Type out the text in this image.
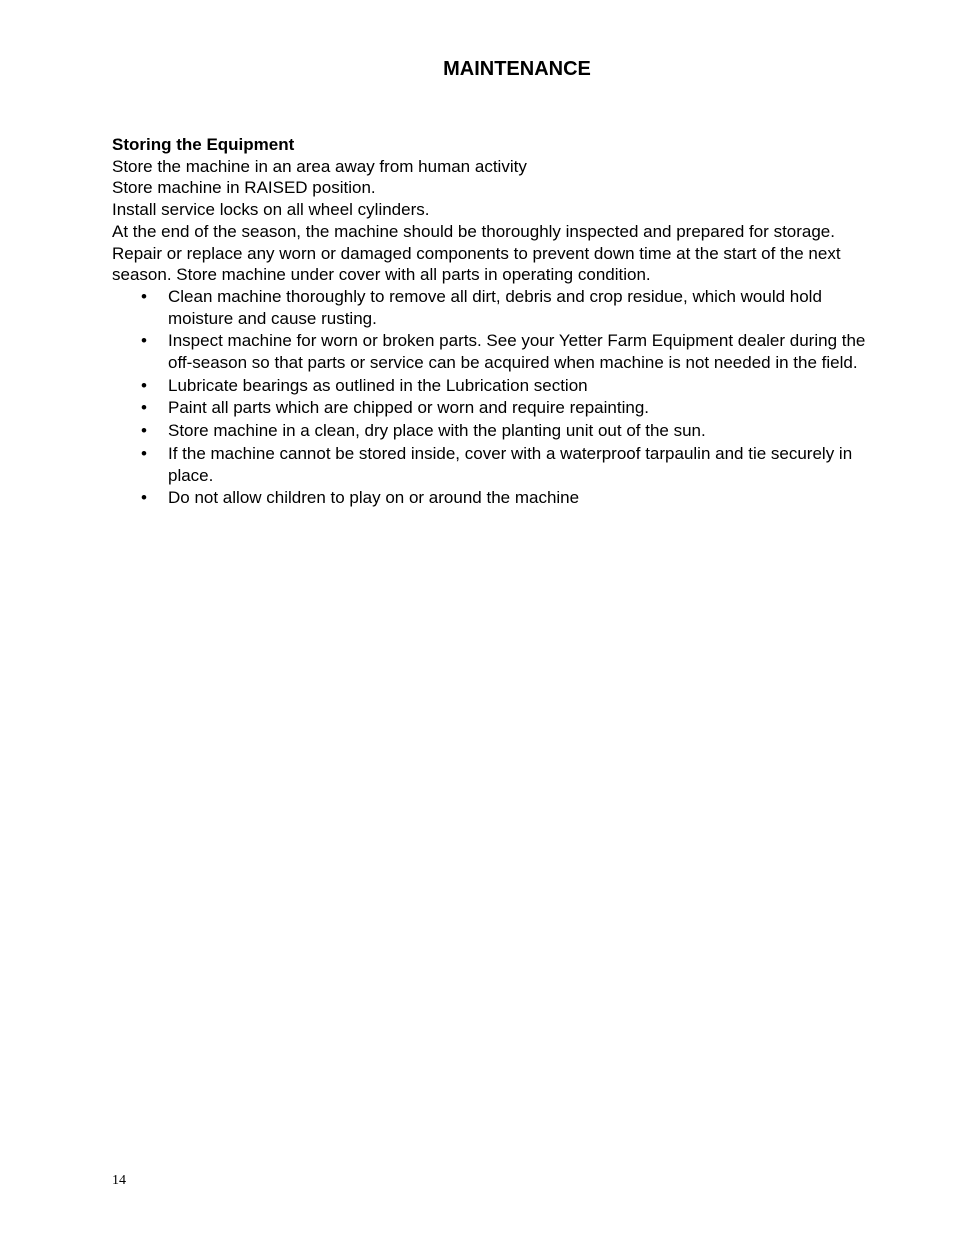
MAINTENANCE

Storing the Equipment

Store the machine in an area away from human activity

Store machine in RAISED position.

Install service locks on all wheel cylinders.

At the end of the season, the machine should be thoroughly inspected and prepared for storage. Repair or replace any worn or damaged components to prevent down time at the start of the next season. Store machine under cover with all parts in operating condition.

• Clean machine thoroughly to remove all dirt, debris and crop residue, which would hold moisture and cause rusting.
• Inspect machine for worn or broken parts. See your Yetter Farm Equipment dealer during the off-season so that parts or service can be acquired when machine is not needed in the field.
• Lubricate bearings as outlined in the Lubrication section
• Paint all parts which are chipped or worn and require repainting.
• Store machine in a clean, dry place with the planting unit out of the sun.
• If the machine cannot be stored inside, cover with a waterproof tarpaulin and tie securely in place.
• Do not allow children to play on or around the machine
14
